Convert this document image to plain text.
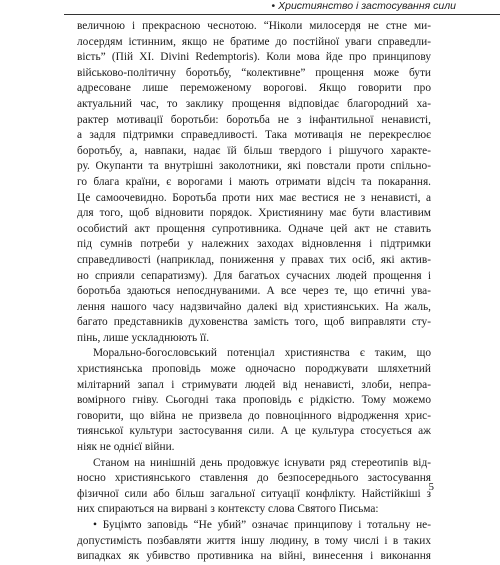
• Християнство і застосування сили
величною і прекрасною чеснотою. “Ніколи милосердя не стне ми-
лосердям істинним, якщо не братиме до постійної уваги справедли-
вість” (Пій XI. Divini Redemptoris). Коли мова йде про принципову
військово-політичну боротьбу, “колективне” прощення може бути
адресоване лише переможеному ворогові. Якщо говорити про
актуальний час, то заклику прощення відповідає благородний ха-
рактер мотивації боротьби: боротьба не з інфантильної ненависті,
а задля підтримки справедливості. Така мотивація не перекреслює
боротьбу, а, навпаки, надає їй більш твердого і рішучого характе-
ру. Окупанти та внутрішні заколотники, які повстали проти спільно-
го блага країни, є ворогами і мають отримати відсіч та покарання.
Це самоочевидно. Боротьба проти них має вестися не з ненависті, а
для того, щоб відновити порядок. Християнину має бути властивим
особистий акт прощення супротивника. Одначе цей акт не ставить
під сумнів потреби у належних заходах відновлення і підтримки
справедливості (наприклад, пониження у правах тих осіб, які актив-
но сприяли сепаратизму). Для багатьох сучасних людей прощення і
боротьба здаються непоєднуваними. А все через те, що етичні ува-
лення нашого часу надзвичайно далекі від християнських. На жаль,
багато представників духовенства замість того, щоб виправляти сту-
пінь, лише ускладнюють її.
Морально-богословський потенціал християнства є таким, що
християнська проповідь може одночасно породжувати шляхетний
мілітарний запал і стримувати людей від ненависті, злоби, непра-
вомірного гніву. Сьогодні така проповідь є рідкістю. Тому можемо
говорити, що війна не призвела до повноцінного відродження хрис-
тиянської культури застосування сили. А це культура стосується аж
ніяк не однієї війни.
Станом на нинішній день продовжує існувати ряд стереотипів від-
носно християнського ставлення до безпосереднього застосування
фізичної сили або більш загальної ситуації конфлікту. Найстійкіші з
них спираються на вирвані з контексту слова Святого Письма:
• Буцімто заповідь “Не убий” означає принципову і тотальну не-
допустимість позбавляти життя іншу людину, в тому числі і в таких
випадках як убивство противника на війні, винесення і виконання
5
